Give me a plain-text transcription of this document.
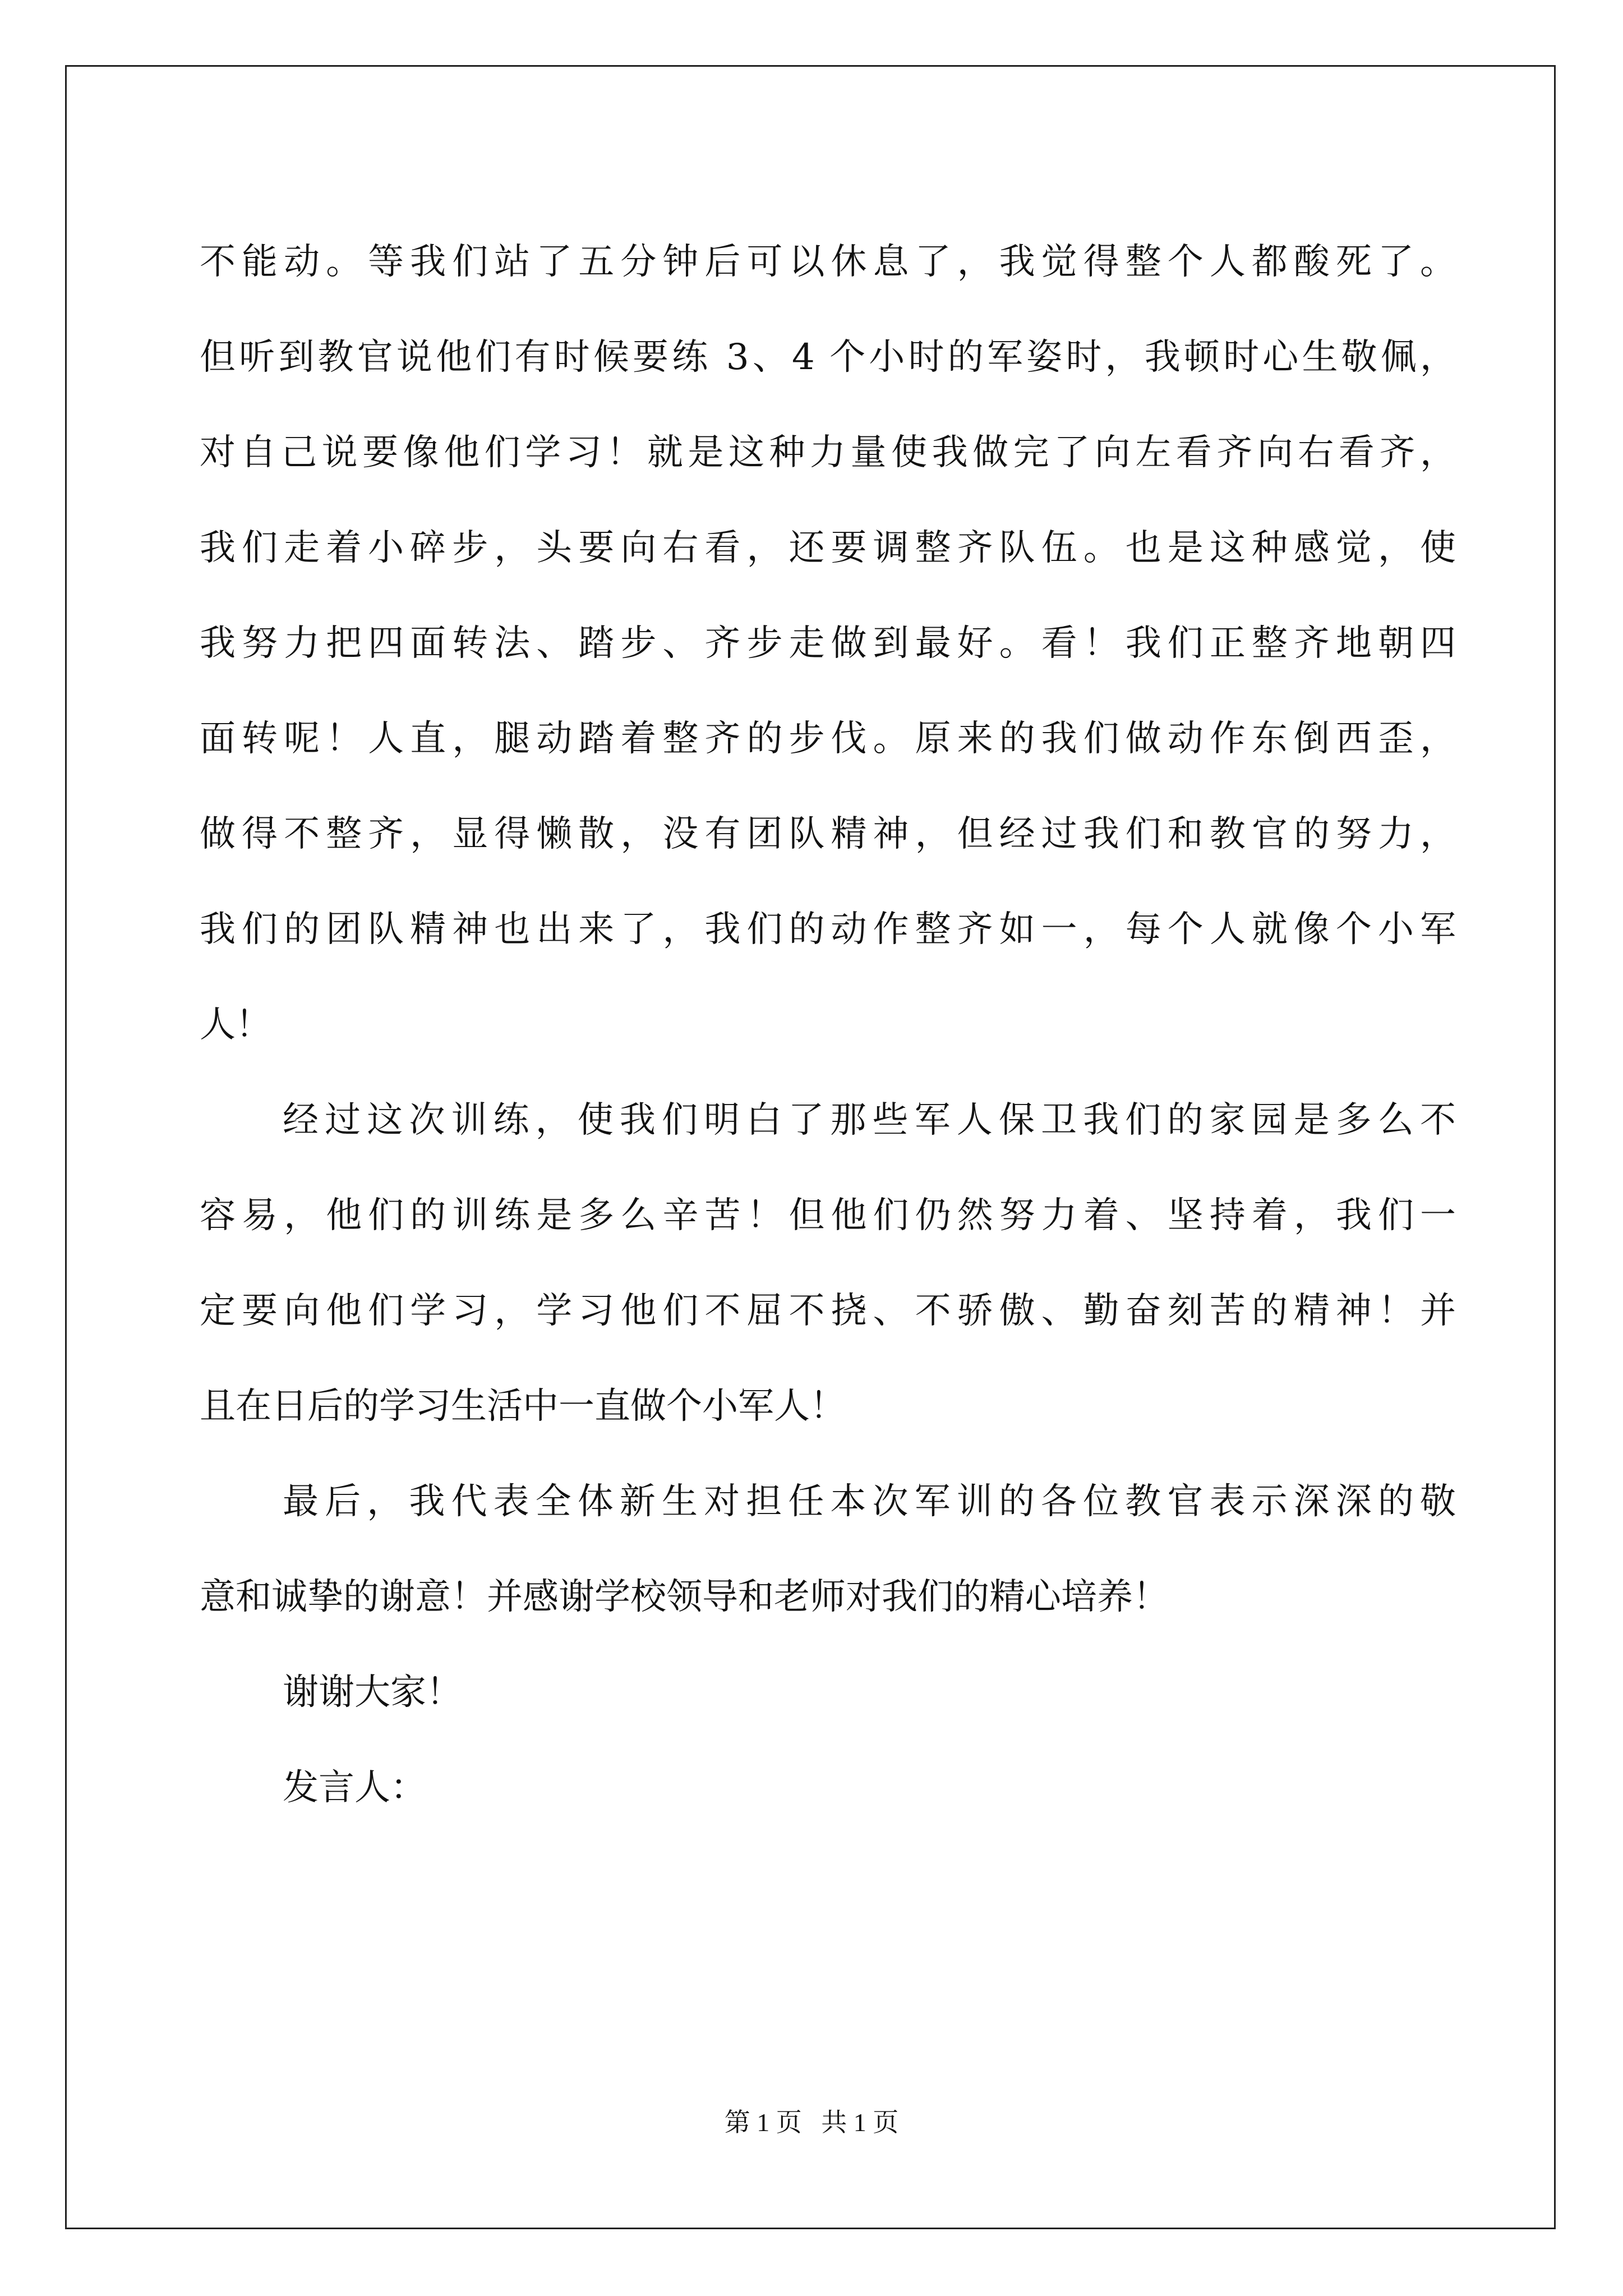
不能动。等我们站了五分钟后可以休息了，我觉得整个人都酸死了。
但听到教官说他们有时候要练 3、4 个小时的军姿时，我顿时心生敬佩，
对自己说要像他们学习！就是这种力量使我做完了向左看齐向右看齐，
我们走着小碎步，头要向右看，还要调整齐队伍。也是这种感觉，使
我努力把四面转法、踏步、齐步走做到最好。看！我们正整齐地朝四
面转呢！人直，腿动踏着整齐的步伐。原来的我们做动作东倒西歪，
做得不整齐，显得懒散，没有团队精神，但经过我们和教官的努力，
我们的团队精神也出来了，我们的动作整齐如一，每个人就像个小军
人！
经过这次训练，使我们明白了那些军人保卫我们的家园是多么不
容易，他们的训练是多么辛苦！但他们仍然努力着、坚持着，我们一
定要向他们学习，学习他们不屈不挠、不骄傲、勤奋刻苦的精神！并
且在日后的学习生活中一直做个小军人！
最后，我代表全体新生对担任本次军训的各位教官表示深深的敬
意和诚挚的谢意！并感谢学校领导和老师对我们的精心培养！
谢谢大家！
发言人：
第 1 页 共 1 页
